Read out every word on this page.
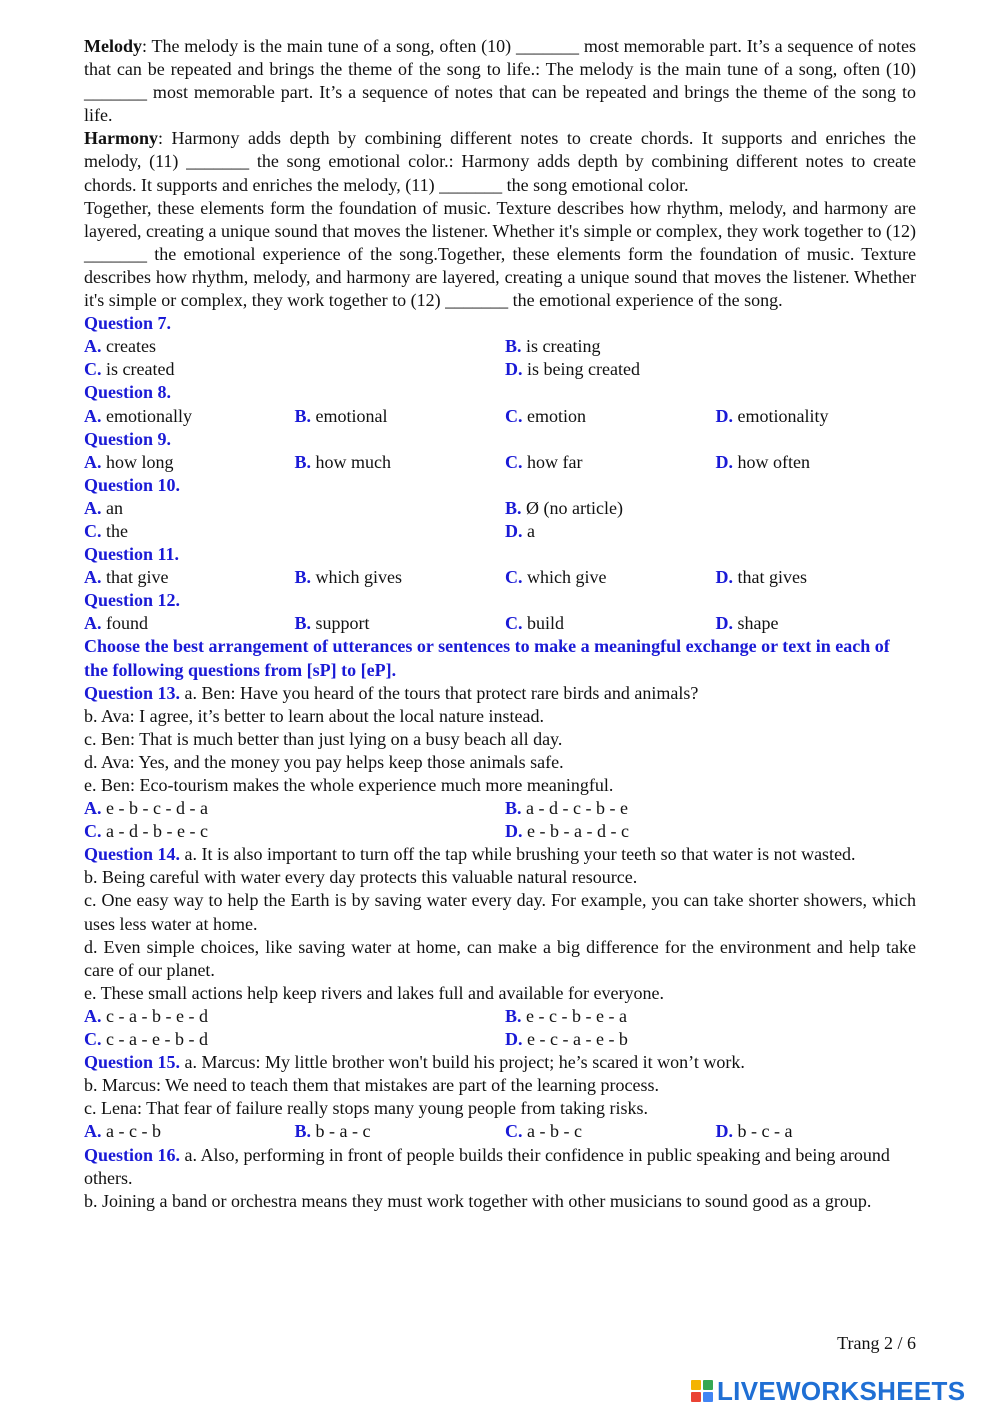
Melody: The melody is the main tune of a song, often (10) _______ most memorable part. It’s a sequence of notes that can be repeated and brings the theme of the song to life.: The melody is the main tune of a song, often (10) _______ most memorable part. It’s a sequence of notes that can be repeated and brings the theme of the song to life.

Harmony: Harmony adds depth by combining different notes to create chords. It supports and enriches the melody, (11) _______ the song emotional color.: Harmony adds depth by combining different notes to create chords. It supports and enriches the melody, (11) _______ the song emotional color.

Together, these elements form the foundation of music. Texture describes how rhythm, melody, and harmony are layered, creating a unique sound that moves the listener. Whether it's simple or complex, they work together to (12) _______ the emotional experience of the song.Together, these elements form the foundation of music. Texture describes how rhythm, melody, and harmony are layered, creating a unique sound that moves the listener. Whether it's simple or complex, they work together to (12) _______ the emotional experience of the song.

Question 7.

A. creates	B. is creating
C. is created	D. is being created

Question 8.

A. emotionally	B. emotional	C. emotion	D. emotionality

Question 9.

A. how long	B. how much	C. how far	D. how often

Question 10.

A. an	B. Ø (no article)
C. the	D. a

Question 11.

A. that give	B. which gives	C. which give	D. that gives

Question 12.

A. found	B. support	C. build	D. shape

Choose the best arrangement of utterances or sentences to make a meaningful exchange or text in each of the following questions from [sP] to [eP].

Question 13. a. Ben: Have you heard of the tours that protect rare birds and animals?

b. Ava: I agree, it’s better to learn about the local nature instead.

c. Ben: That is much better than just lying on a busy beach all day.

d. Ava: Yes, and the money you pay helps keep those animals safe.

e. Ben: Eco-tourism makes the whole experience much more meaningful.

A. e - b - c - d - a	B. a - d - c - b - e
C. a - d - b - e - c	D. e - b - a - d - c

Question 14. a. It is also important to turn off the tap while brushing your teeth so that water is not wasted.

b. Being careful with water every day protects this valuable natural resource.

c. One easy way to help the Earth is by saving water every day. For example, you can take shorter showers, which uses less water at home.

d. Even simple choices, like saving water at home, can make a big difference for the environment and help take care of our planet.

e. These small actions help keep rivers and lakes full and available for everyone.

A. c - a - b - e - d	B. e - c - b - e - a
C. c - a - e - b - d	D. e - c - a - e - b

Question 15. a. Marcus: My little brother won't build his project; he’s scared it won’t work.

b. Marcus: We need to teach them that mistakes are part of the learning process.

c. Lena: That fear of failure really stops many young people from taking risks.

A. a - c - b	B. b - a - c	C. a - b - c	D. b - c - a

Question 16. a. Also, performing in front of people builds their confidence in public speaking and being around others.

b. Joining a band or orchestra means they must work together with other musicians to sound good as a group.

Trang 2 / 6
LIVEWORKSHEETS
